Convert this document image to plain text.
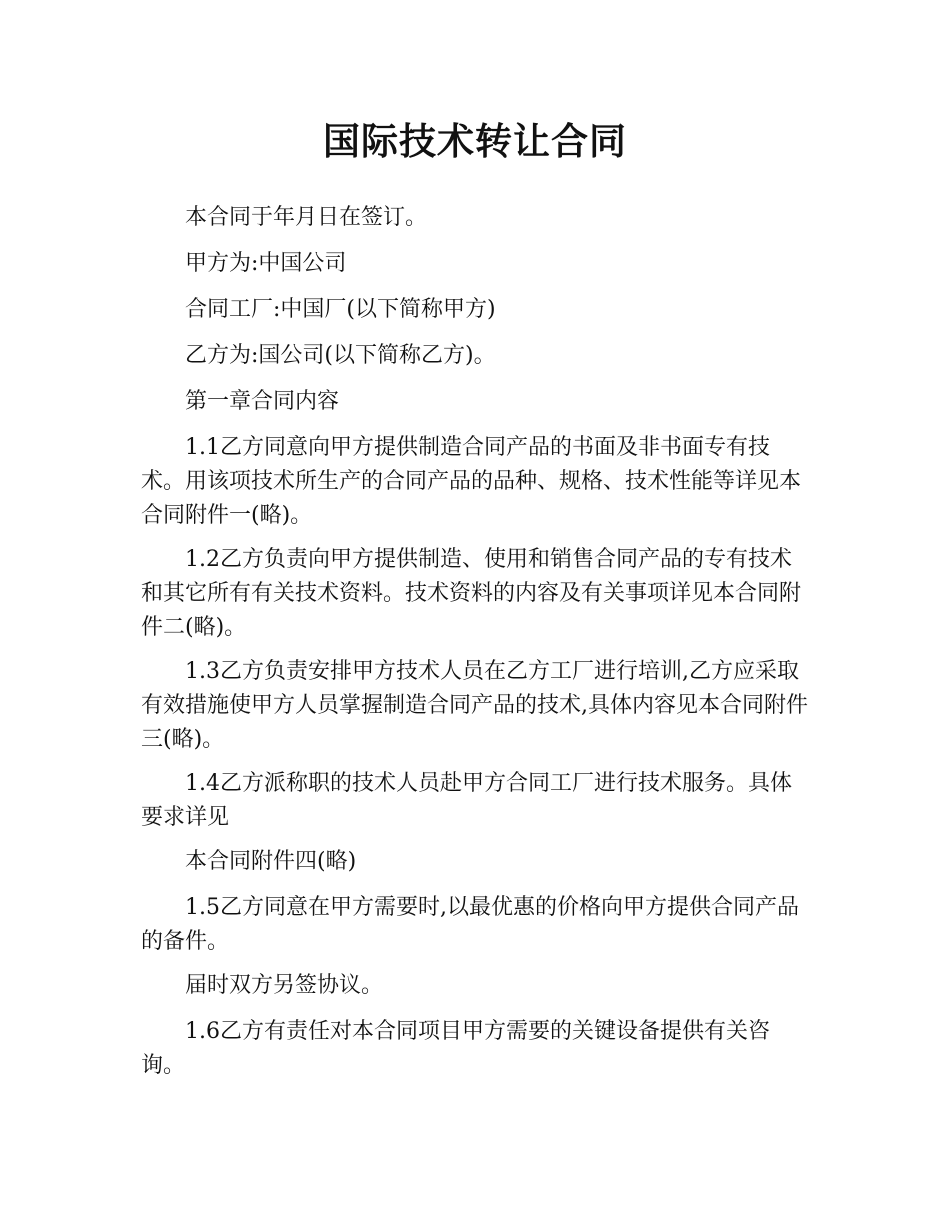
国际技术转让合同

本合同于年月日在签订。

甲方为:中国公司

合同工厂:中国厂(以下简称甲方)

乙方为:国公司(以下简称乙方)。

第一章合同内容

1.1乙方同意向甲方提供制造合同产品的书面及非书面专有技术。用该项技术所生产的合同产品的品种、规格、技术性能等详见本合同附件一(略)。

1.2乙方负责向甲方提供制造、使用和销售合同产品的专有技术和其它所有有关技术资料。技术资料的内容及有关事项详见本合同附件二(略)。

1.3乙方负责安排甲方技术人员在乙方工厂进行培训,乙方应采取有效措施使甲方人员掌握制造合同产品的技术,具体内容见本合同附件三(略)。

1.4乙方派称职的技术人员赴甲方合同工厂进行技术服务。具体要求详见

本合同附件四(略)

1.5乙方同意在甲方需要时,以最优惠的价格向甲方提供合同产品的备件。

届时双方另签协议。

1.6乙方有责任对本合同项目甲方需要的关键设备提供有关咨询。
